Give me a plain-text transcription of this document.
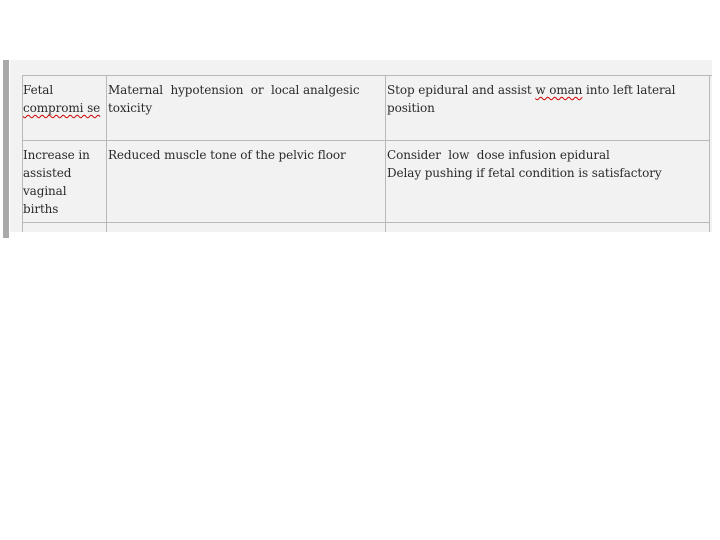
Fetal
compromi se
Maternal  hypotension  or  local analgesic toxicity
Stop epidural and assist w oman into left lateral position
Increase in
assisted
vaginal
births
Reduced muscle tone of the pelvic floor	Consider  low  dose infusion epidural
Delay pushing if fetal condition is satisfactory
